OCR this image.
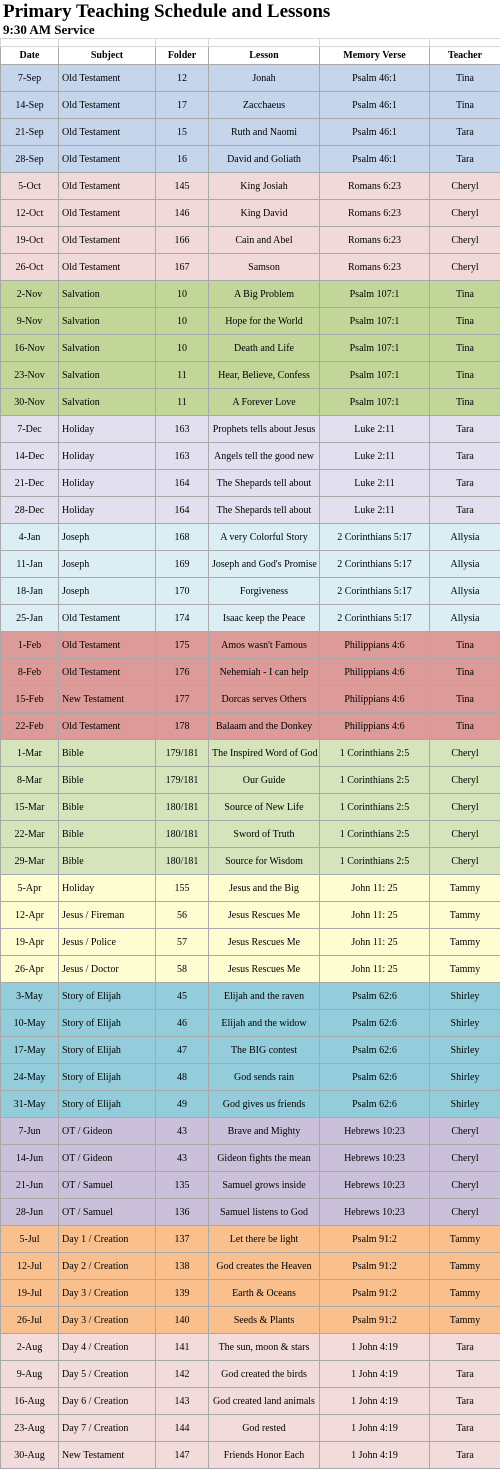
Primary Teaching Schedule and Lessons
9:30 AM Service

Date	Subject	Folder	Lesson	Memory Verse	Teacher
7-Sep	Old Testament	12	Jonah	Psalm 46:1	Tina
14-Sep	Old Testament	17	Zacchaeus	Psalm 46:1	Tina
21-Sep	Old Testament	15	Ruth and Naomi	Psalm 46:1	Tara
28-Sep	Old Testament	16	David and Goliath	Psalm 46:1	Tara
5-Oct	Old Testament	145	King Josiah	Romans 6:23	Cheryl
12-Oct	Old Testament	146	King David	Romans 6:23	Cheryl
19-Oct	Old Testament	166	Cain and Abel	Romans 6:23	Cheryl
26-Oct	Old Testament	167	Samson	Romans 6:23	Cheryl
2-Nov	Salvation	10	A Big Problem	Psalm 107:1	Tina
9-Nov	Salvation	10	Hope for the World	Psalm 107:1	Tina
16-Nov	Salvation	10	Death and Life	Psalm 107:1	Tina
23-Nov	Salvation	11	Hear, Believe, Confess	Psalm 107:1	Tina
30-Nov	Salvation	11	A Forever Love	Psalm 107:1	Tina
7-Dec	Holiday	163	Prophets tells about Jesus	Luke 2:11	Tara
14-Dec	Holiday	163	Angels tell the good new	Luke 2:11	Tara
21-Dec	Holiday	164	The Shepards tell about	Luke 2:11	Tara
28-Dec	Holiday	164	The Shepards tell about	Luke 2:11	Tara
4-Jan	Joseph	168	A very Colorful Story	2 Corinthians 5:17	Allysia
11-Jan	Joseph	169	Joseph and God's Promise	2 Corinthians 5:17	Allysia
18-Jan	Joseph	170	Forgiveness	2 Corinthians 5:17	Allysia
25-Jan	Old Testament	174	Isaac keep the Peace	2 Corinthians 5:17	Allysia
1-Feb	Old Testament	175	Amos wasn't Famous	Philippians 4:6	Tina
8-Feb	Old Testament	176	Nehemiah - I can help	Philippians 4:6	Tina
15-Feb	New Testament	177	Dorcas serves Others	Philippians 4:6	Tina
22-Feb	Old Testament	178	Balaam and the Donkey	Philippians 4:6	Tina
1-Mar	Bible	179/181	The Inspired Word of God	1 Corinthians 2:5	Cheryl
8-Mar	Bible	179/181	Our Guide	1 Corinthians 2:5	Cheryl
15-Mar	Bible	180/181	Source of New Life	1 Corinthians 2:5	Cheryl
22-Mar	Bible	180/181	Sword of Truth	1 Corinthians 2:5	Cheryl
29-Mar	Bible	180/181	Source for Wisdom	1 Corinthians 2:5	Cheryl
5-Apr	Holiday	155	Jesus and the Big	John 11: 25	Tammy
12-Apr	Jesus / Fireman	56	Jesus Rescues Me	John 11: 25	Tammy
19-Apr	Jesus / Police	57	Jesus Rescues Me	John 11: 25	Tammy
26-Apr	Jesus / Doctor	58	Jesus Rescues Me	John 11: 25	Tammy
3-May	Story of Elijah	45	Elijah and the raven	Psalm 62:6	Shirley
10-May	Story of Elijah	46	Elijah and the widow	Psalm 62:6	Shirley
17-May	Story of Elijah	47	The BIG contest	Psalm 62:6	Shirley
24-May	Story of Elijah	48	God sends rain	Psalm 62:6	Shirley
31-May	Story of Elijah	49	God gives us friends	Psalm 62:6	Shirley
7-Jun	OT / Gideon	43	Brave and Mighty	Hebrews 10:23	Cheryl
14-Jun	OT / Gideon	43	Gideon fights the mean	Hebrews 10:23	Cheryl
21-Jun	OT / Samuel	135	Samuel grows inside	Hebrews 10:23	Cheryl
28-Jun	OT / Samuel	136	Samuel listens to God	Hebrews 10:23	Cheryl
5-Jul	Day 1 / Creation	137	Let there be light	Psalm 91:2	Tammy
12-Jul	Day 2 / Creation	138	God creates the Heaven	Psalm 91:2	Tammy
19-Jul	Day 3 / Creation	139	Earth & Oceans	Psalm 91:2	Tammy
26-Jul	Day 3 / Creation	140	Seeds & Plants	Psalm 91:2	Tammy
2-Aug	Day 4 / Creation	141	The sun, moon & stars	1 John 4:19	Tara
9-Aug	Day 5 / Creation	142	God created the birds	1 John 4:19	Tara
16-Aug	Day 6 / Creation	143	God created land animals	1 John 4:19	Tara
23-Aug	Day 7 / Creation	144	God rested	1 John 4:19	Tara
30-Aug	New Testament	147	Friends Honor Each	1 John 4:19	Tara
